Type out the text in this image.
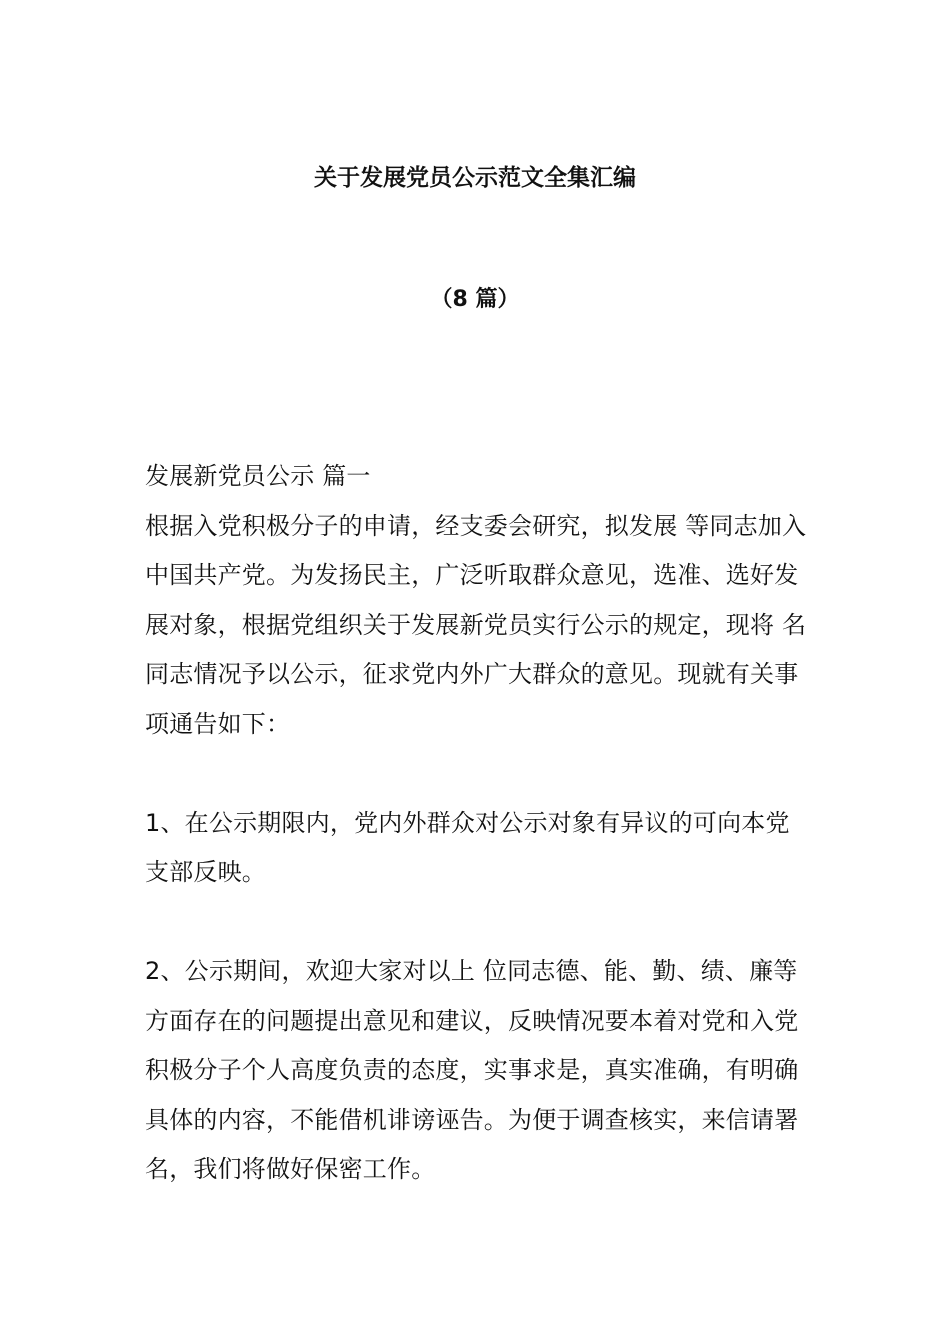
关于发展党员公示范文全集汇编
（8 篇）

发展新党员公示 篇一

根据入党积极分子的申请，经支委会研究，拟发展 等同志加入中国共产党。为发扬民主，广泛听取群众意见，选准、选好发展对象，根据党组织关于发展新党员实行公示的规定，现将 名同志情况予以公示，征求党内外广大群众的意见。现就有关事项通告如下：

1、在公示期限内，党内外群众对公示对象有异议的可向本党支部反映。

2、公示期间，欢迎大家对以上 位同志德、能、勤、绩、廉等方面存在的问题提出意见和建议，反映情况要本着对党和入党积极分子个人高度负责的态度，实事求是，真实准确，有明确具体的内容，不能借机诽谤诬告。为便于调查核实，来信请署名，我们将做好保密工作。
